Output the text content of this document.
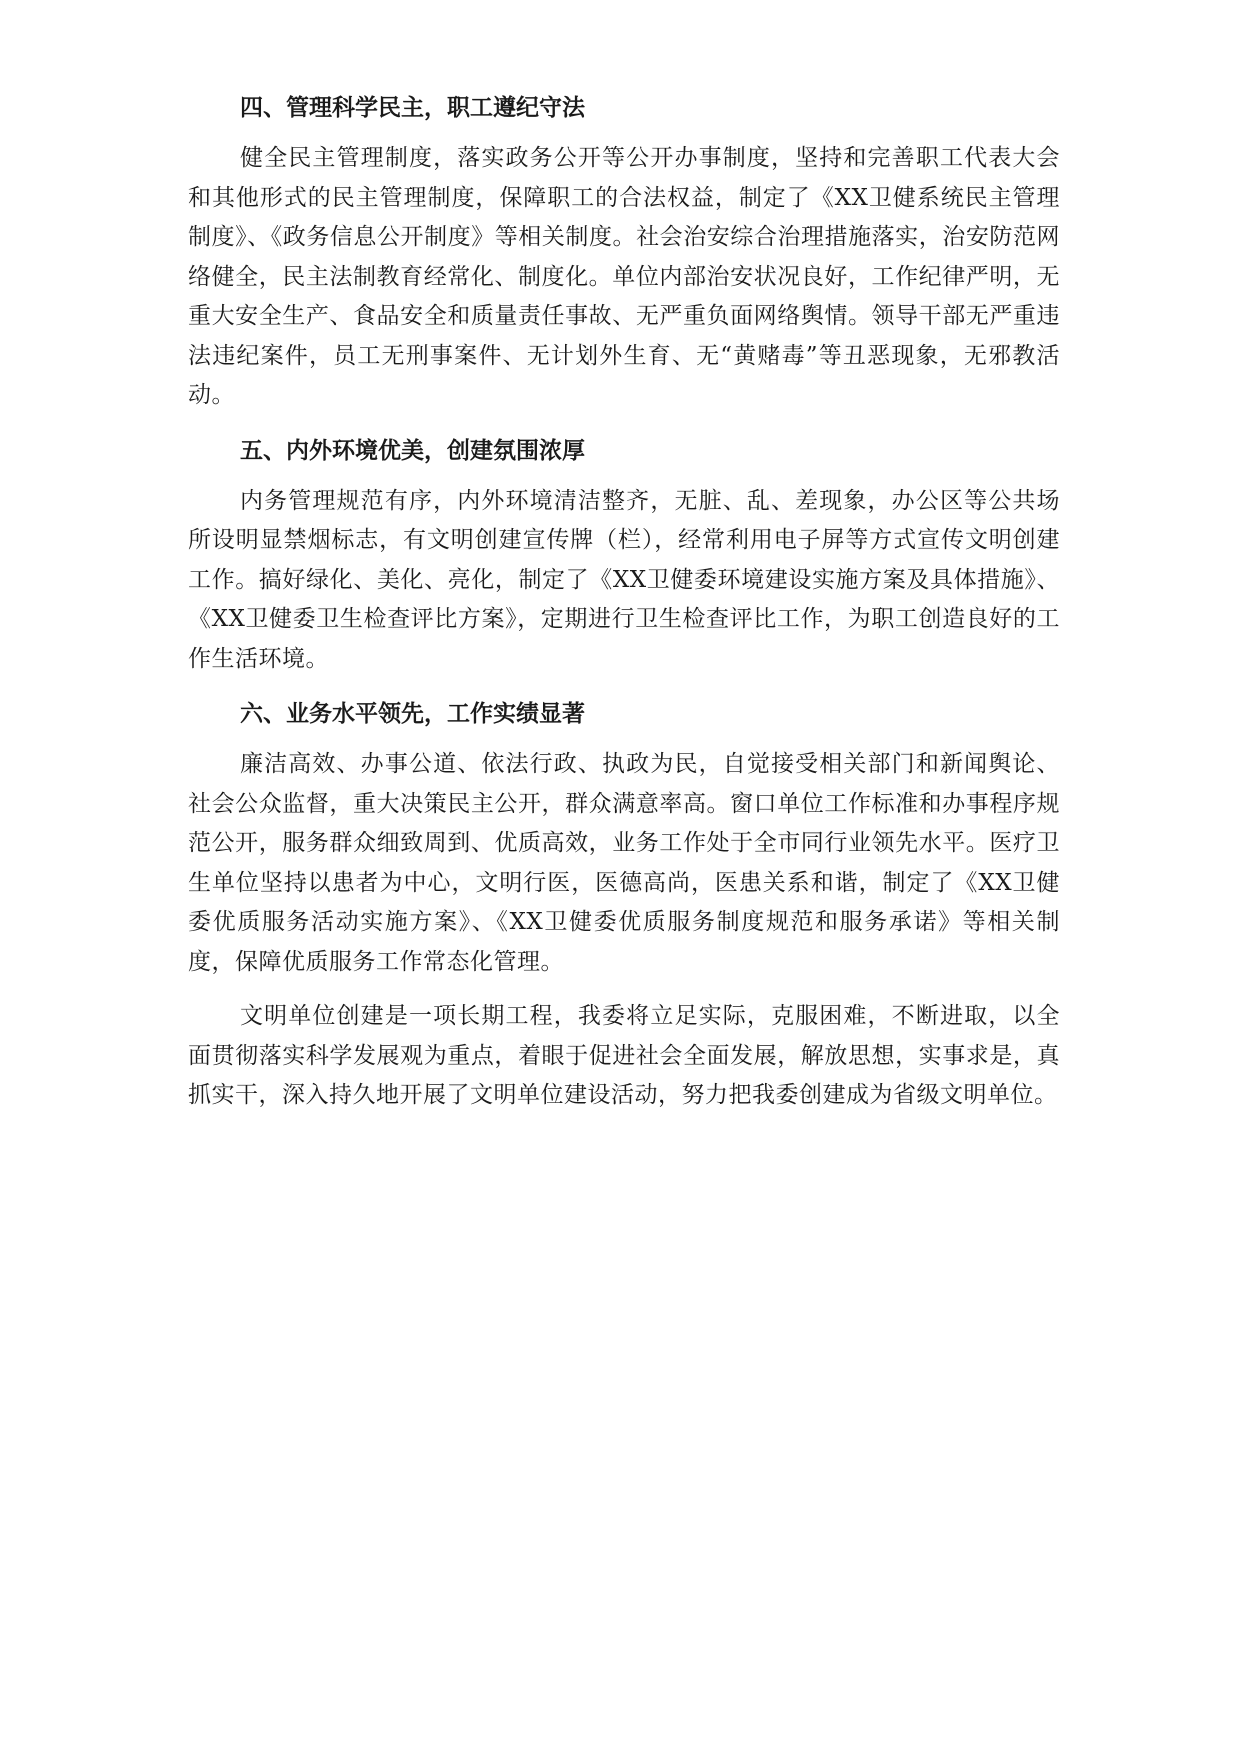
四、管理科学民主，职工遵纪守法

健全民主管理制度，落实政务公开等公开办事制度，坚持和完善职工代表大会和其他形式的民主管理制度，保障职工的合法权益，制定了《XX卫健系统民主管理制度》、《政务信息公开制度》等相关制度。社会治安综合治理措施落实，治安防范网络健全，民主法制教育经常化、制度化。单位内部治安状况良好，工作纪律严明，无重大安全生产、食品安全和质量责任事故、无严重负面网络舆情。领导干部无严重违法违纪案件，员工无刑事案件、无计划外生育、无“黄赌毒”等丑恶现象，无邪教活动。

五、内外环境优美，创建氛围浓厚

内务管理规范有序，内外环境清洁整齐，无脏、乱、差现象，办公区等公共场所设明显禁烟标志，有文明创建宣传牌（栏），经常利用电子屏等方式宣传文明创建工作。搞好绿化、美化、亮化，制定了《XX卫健委环境建设实施方案及具体措施》、《XX卫健委卫生检查评比方案》，定期进行卫生检查评比工作，为职工创造良好的工作生活环境。

六、业务水平领先，工作实绩显著

廉洁高效、办事公道、依法行政、执政为民，自觉接受相关部门和新闻舆论、社会公众监督，重大决策民主公开，群众满意率高。窗口单位工作标准和办事程序规范公开，服务群众细致周到、优质高效，业务工作处于全市同行业领先水平。医疗卫生单位坚持以患者为中心，文明行医，医德高尚，医患关系和谐，制定了《XX卫健委优质服务活动实施方案》、《XX卫健委优质服务制度规范和服务承诺》等相关制度，保障优质服务工作常态化管理。

文明单位创建是一项长期工程，我委将立足实际，克服困难，不断进取，以全面贯彻落实科学发展观为重点，着眼于促进社会全面发展，解放思想，实事求是，真抓实干，深入持久地开展了文明单位建设活动，努力把我委创建成为省级文明单位。
